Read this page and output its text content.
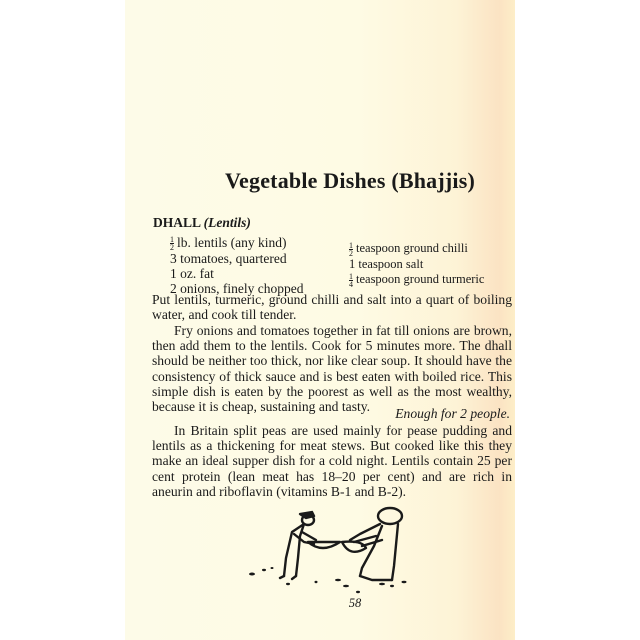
Vegetable Dishes (Bhajjis)
DHALL (Lentils)
$\frac{1}{2}$ lb. lentils (any kind)
3 tomatoes, quartered
1 oz. fat
2 onions, finely chopped
$\frac{1}{2}$ teaspoon ground chilli
1 teaspoon salt
$\frac{1}{4}$ teaspoon ground turmeric

Put lentils, turmeric, ground chilli and salt into a quart of boiling water, and cook till tender.

Fry onions and tomatoes together in fat till onions are brown, then add them to the lentils. Cook for 5 minutes more. The dhall should be neither too thick, nor like clear soup. It should have the consistency of thick sauce and is best eaten with boiled rice. This simple dish is eaten by the poorest as well as the most wealthy, because it is cheap, sustaining and tasty.	Enough for 2 people.

In Britain split peas are used mainly for pease pudding and lentils as a thickening for meat stews. But cooked like this they make an ideal supper dish for a cold night. Lentils contain 25 per cent protein (lean meat has 18–20 per cent) and are rich in aneurin and riboflavin (vitamins B-1 and B-2).

58
